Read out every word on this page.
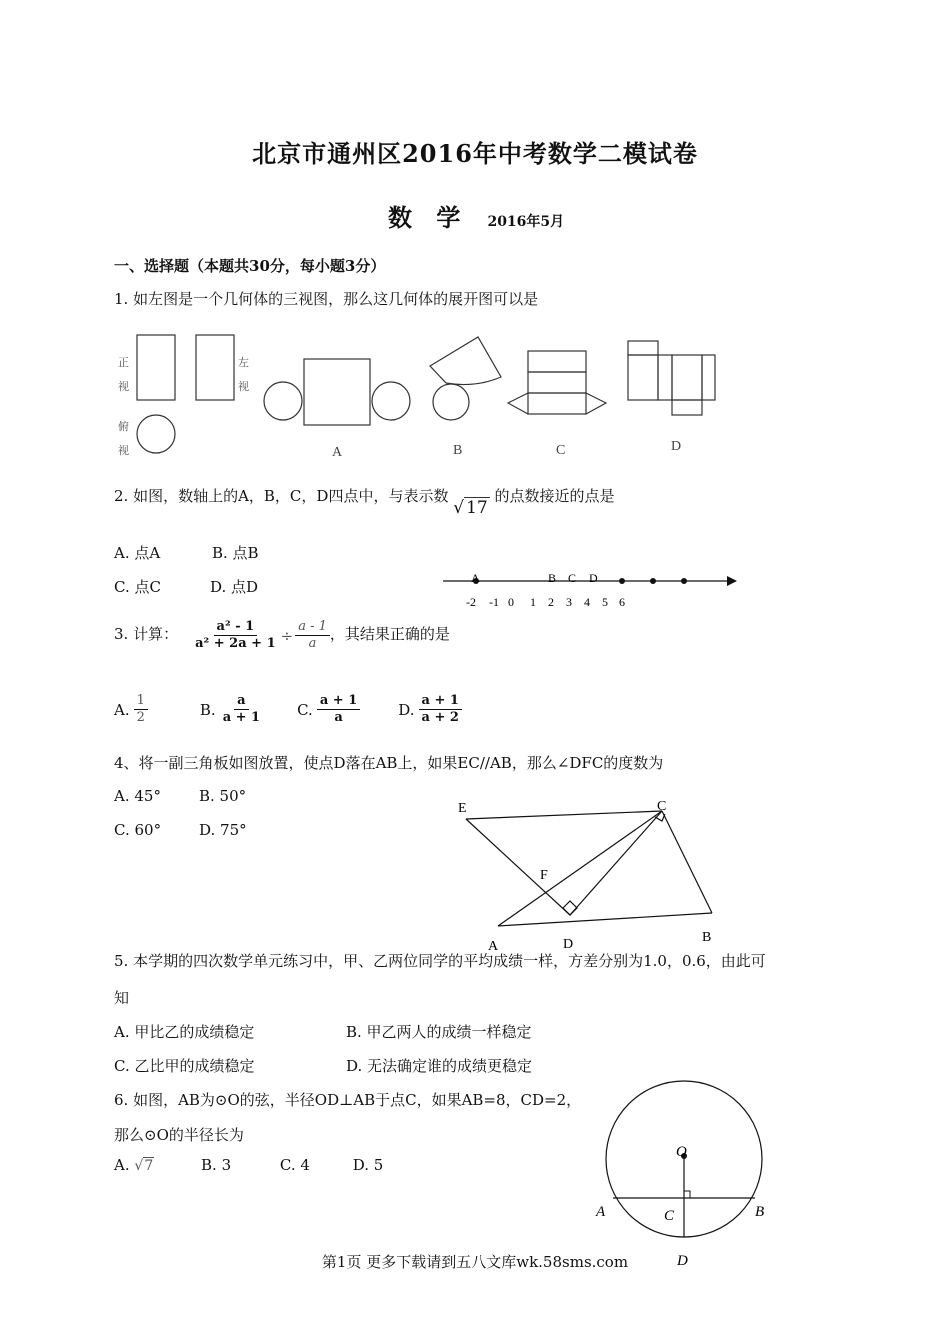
北京市通州区2016年中考数学二模试卷
数 学 2016年5月
一、选择题（本题共30分，每小题3分）
1. 如左图是一个几何体的三视图，那么这几何体的展开图可以是
正
视
左
视
俯
视	A	B	C	D
2. 如图，数轴上的A，B，C，D四点中，与表示数 √ 17 的点数接近的点是
A. 点A	B. 点B
C. 点C	D. 点D	A	B C D
-2 -1 0 1 2 3 4 5 6
3. 计算： $\frac{\text{a² - 1}}{\text{a² + 2a + 1}} \div \frac{a - 1}{a}$ ，其结果正确的是
A. $\frac{1}{2}$	B. $\frac{a}{a + 1} C$. $\frac{a + 1}{a}$	D. $\frac{a + 1}{a + 2}$
4、将一副三角板如图放置，使点D落在AB上，如果EC//AB，那么∠DFC的度数为
A. 45°	B. 50°
C. 60°	D. 75°
E	C
F
A	D	B
5. 本学期的四次数学单元练习中，甲、乙两位同学的平均成绩一样，方差分别为1.0，0.6，由此可
知
A. 甲比乙的成绩稳定	B. 甲乙两人的成绩一样稳定
C. 乙比甲的成绩稳定	D. 无法确定谁的成绩更稳定
6. 如图，AB为⊙O的弦，半径OD⊥AB于点C，如果AB=8，CD=2，
那么⊙O的半径长为
A. √7	B. 3	C. 4	D. 5
O
A	B
C
D
第1页 更多下载请到五八文库wk.58sms.com
